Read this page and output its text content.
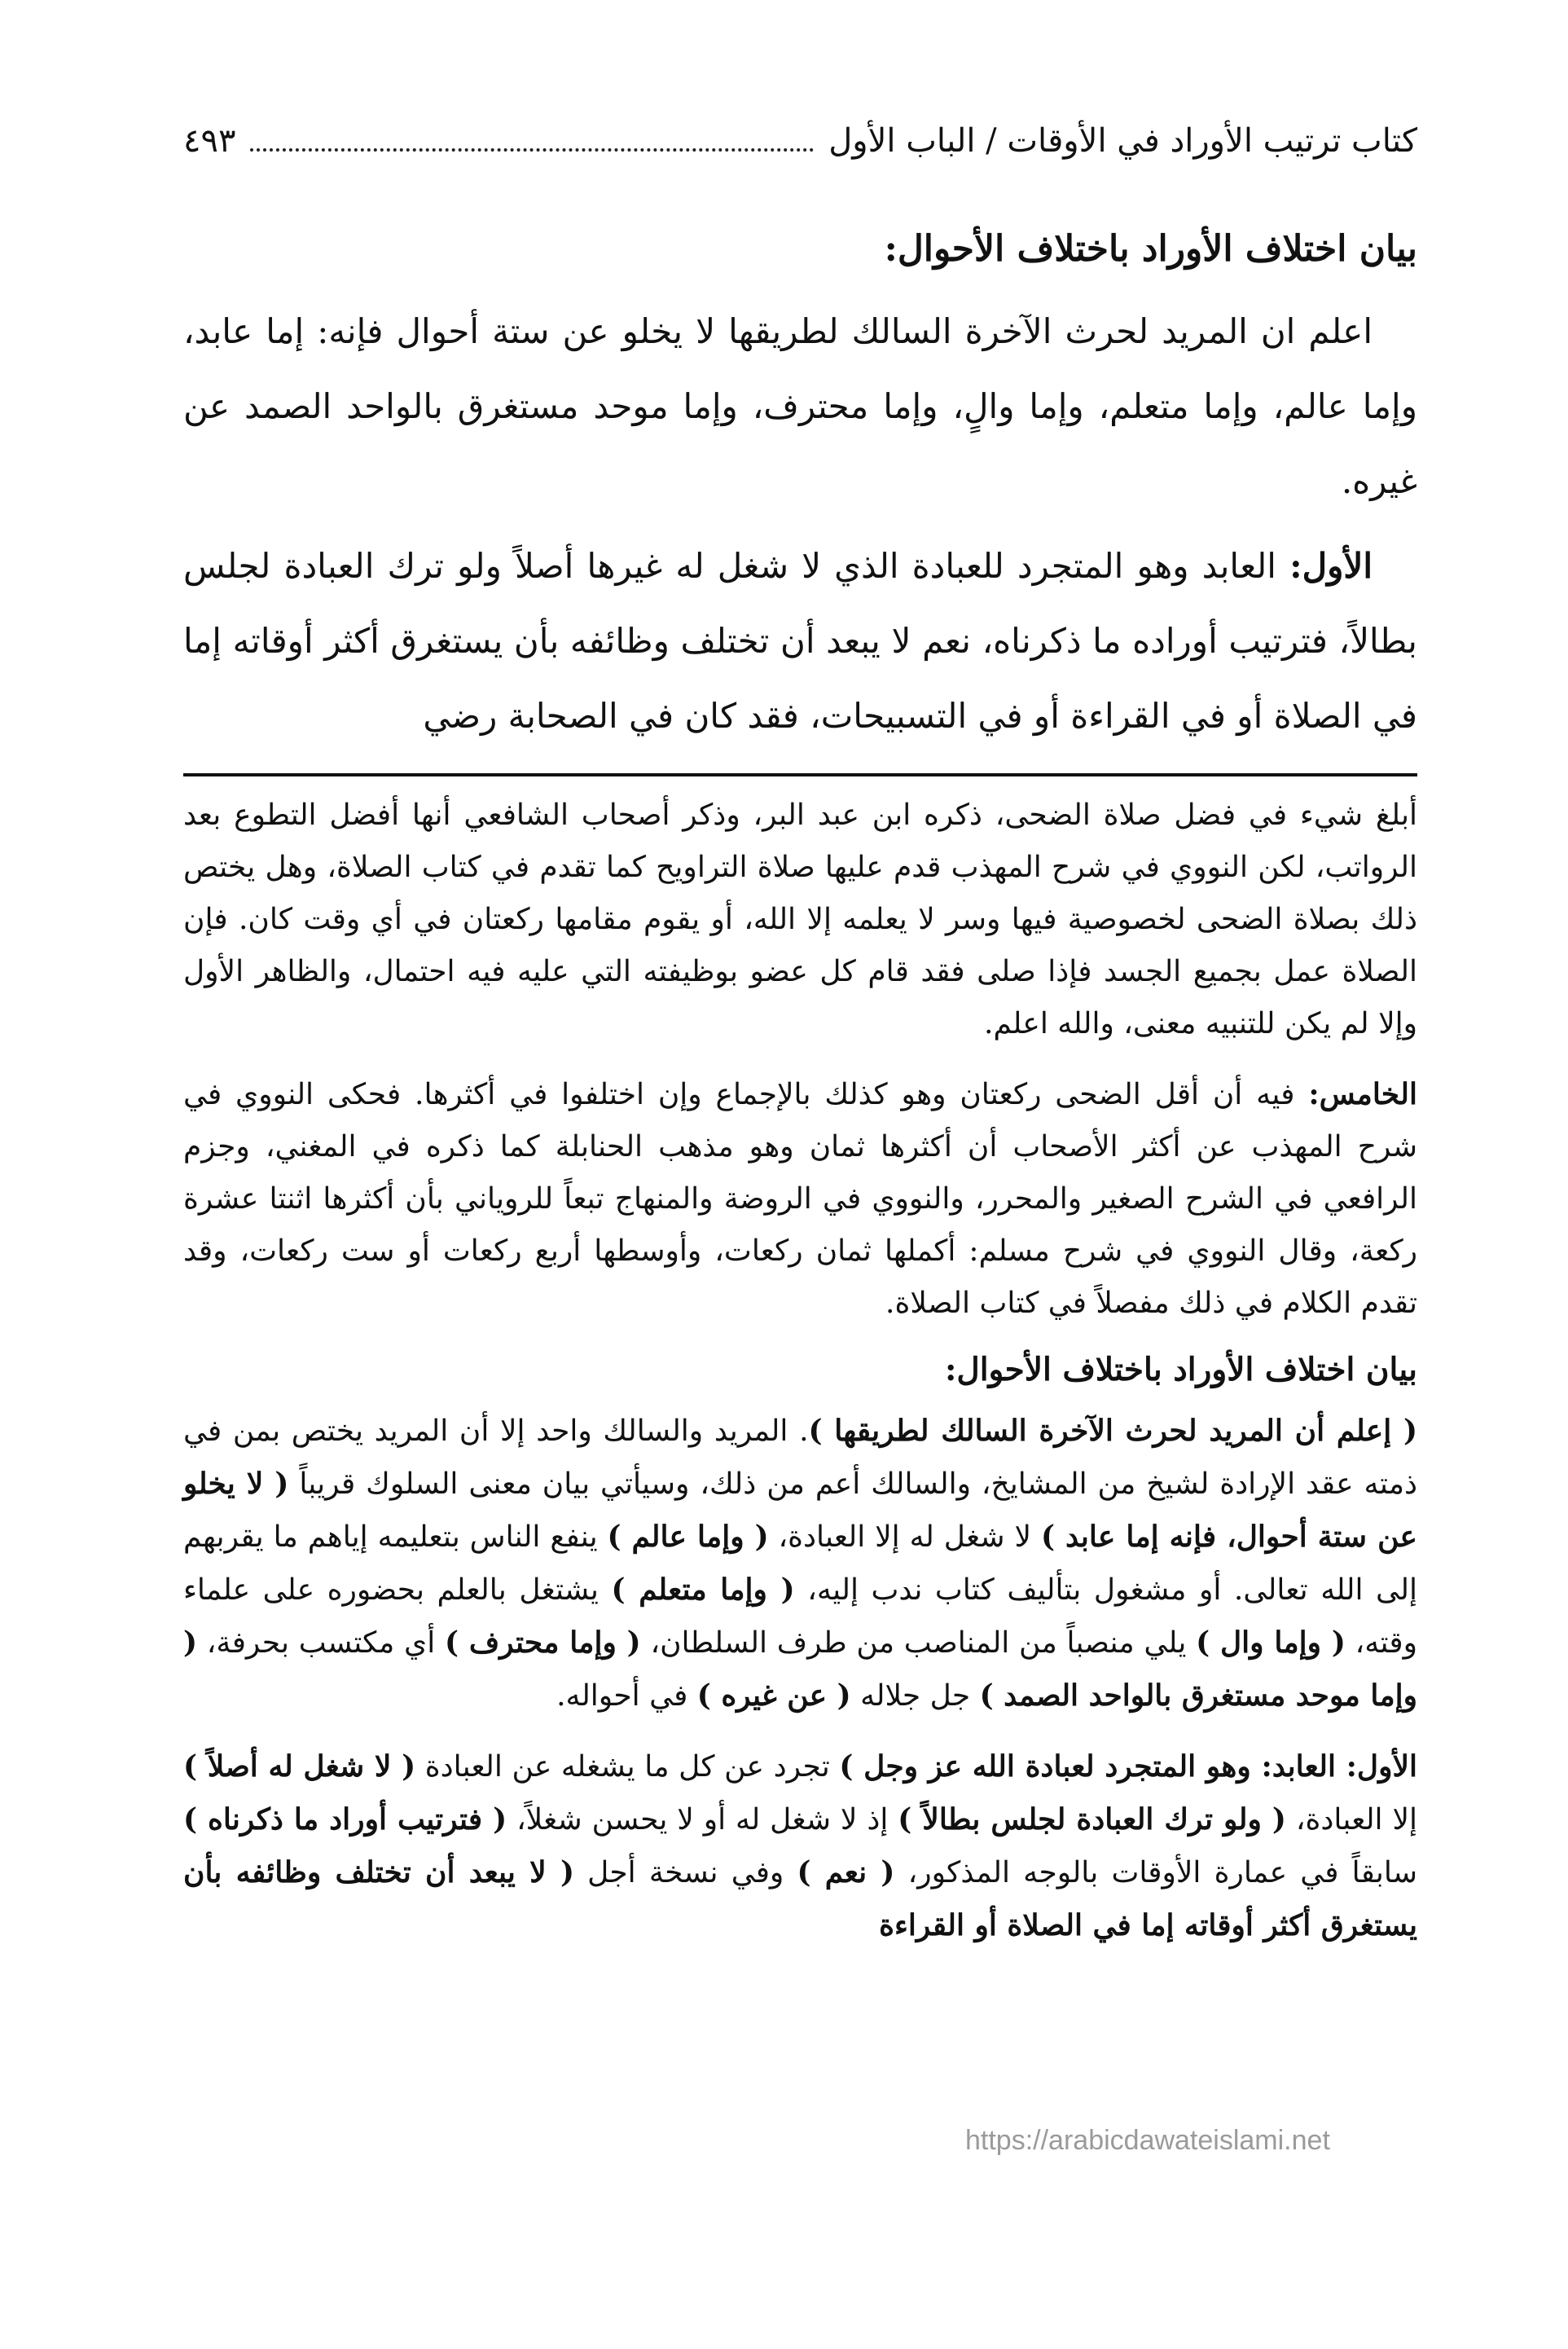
كتاب ترتيب الأوراد في الأوقات / الباب الأول
٤٩٣
بيان اختلاف الأوراد باختلاف الأحوال:

اعلم ان المريد لحرث الآخرة السالك لطريقها لا يخلو عن ستة أحوال فإنه: إما عابد، وإما عالم، وإما متعلم، وإما والٍ، وإما محترف، وإما موحد مستغرق بالواحد الصمد عن غيره.

الأول: العابد وهو المتجرد للعبادة الذي لا شغل له غيرها أصلاً ولو ترك العبادة لجلس بطالاً، فترتيب أوراده ما ذكرناه، نعم لا يبعد أن تختلف وظائفه بأن يستغرق أكثر أوقاته إما في الصلاة أو في القراءة أو في التسبيحات، فقد كان في الصحابة رضي

أبلغ شيء في فضل صلاة الضحى، ذكره ابن عبد البر، وذكر أصحاب الشافعي أنها أفضل التطوع بعد الرواتب، لكن النووي في شرح المهذب قدم عليها صلاة التراويح كما تقدم في كتاب الصلاة، وهل يختص ذلك بصلاة الضحى لخصوصية فيها وسر لا يعلمه إلا الله، أو يقوم مقامها ركعتان في أي وقت كان. فإن الصلاة عمل بجميع الجسد فإذا صلى فقد قام كل عضو بوظيفته التي عليه فيه احتمال، والظاهر الأول وإلا لم يكن للتنبيه معنى، والله اعلم.

الخامس: فيه أن أقل الضحى ركعتان وهو كذلك بالإجماع وإن اختلفوا في أكثرها. فحكى النووي في شرح المهذب عن أكثر الأصحاب أن أكثرها ثمان وهو مذهب الحنابلة كما ذكره في المغني، وجزم الرافعي في الشرح الصغير والمحرر، والنووي في الروضة والمنهاج تبعاً للروياني بأن أكثرها اثنتا عشرة ركعة، وقال النووي في شرح مسلم: أكملها ثمان ركعات، وأوسطها أربع ركعات أو ست ركعات، وقد تقدم الكلام في ذلك مفصلاً في كتاب الصلاة.

بيان اختلاف الأوراد باختلاف الأحوال:

( إعلم أن المريد لحرث الآخرة السالك لطريقها ). المريد والسالك واحد إلا أن المريد يختص بمن في ذمته عقد الإرادة لشيخ من المشايخ، والسالك أعم من ذلك، وسيأتي بيان معنى السلوك قريباً ( لا يخلو عن ستة أحوال، فإنه إما عابد ) لا شغل له إلا العبادة، ( وإما عالم ) ينفع الناس بتعليمه إياهم ما يقربهم إلى الله تعالى. أو مشغول بتأليف كتاب ندب إليه، ( وإما متعلم ) يشتغل بالعلم بحضوره على علماء وقته، ( وإما وال ) يلي منصباً من المناصب من طرف السلطان، ( وإما محترف ) أي مكتسب بحرفة، ( وإما موحد مستغرق بالواحد الصمد ) جل جلاله ( عن غيره ) في أحواله.

الأول: العابد: وهو المتجرد لعبادة الله عز وجل ) تجرد عن كل ما يشغله عن العبادة ( لا شغل له أصلاً ) إلا العبادة، ( ولو ترك العبادة لجلس بطالاً ) إذ لا شغل له أو لا يحسن شغلاً، ( فترتيب أوراد ما ذكرناه ) سابقاً في عمارة الأوقات بالوجه المذكور، ( نعم ) وفي نسخة أجل ( لا يبعد أن تختلف وظائفه بأن يستغرق أكثر أوقاته إما في الصلاة أو القراءة

https://arabicdawateislami.net
